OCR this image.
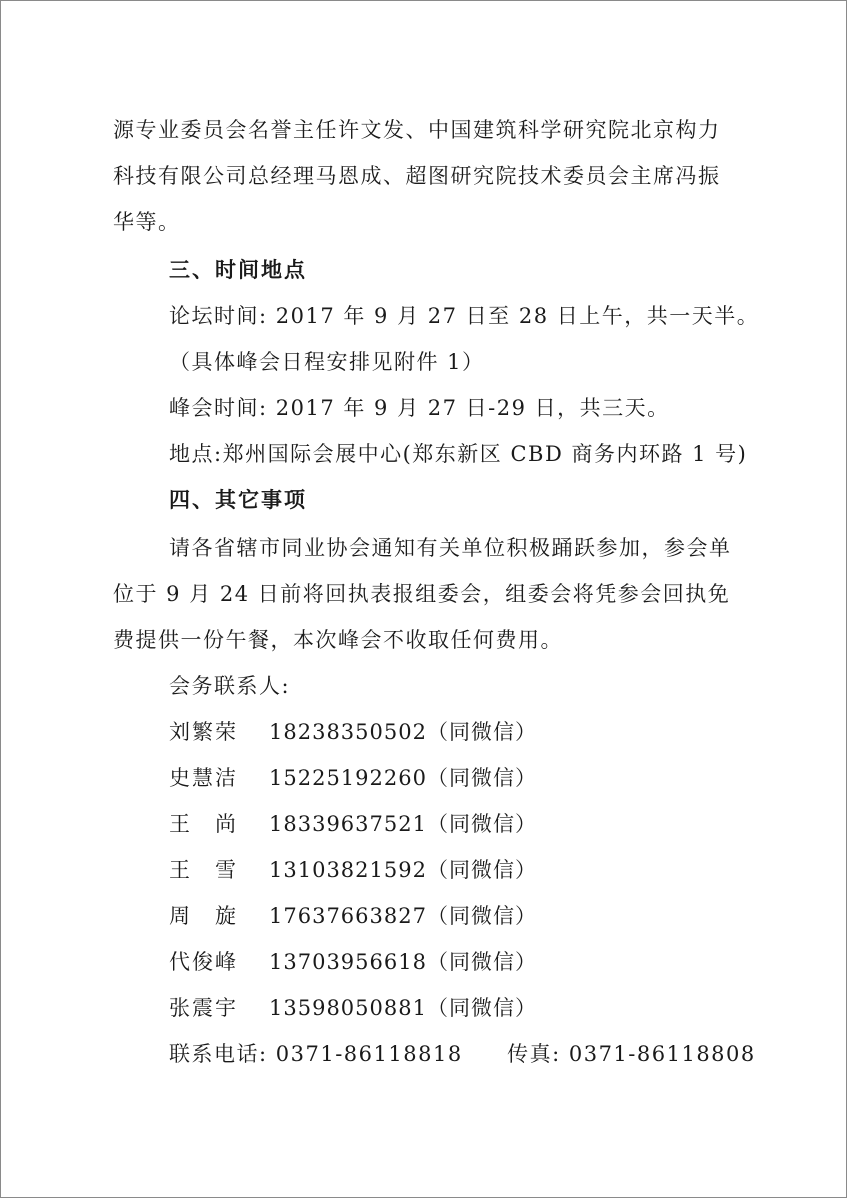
源专业委员会名誉主任许文发、中国建筑科学研究院北京构力
科技有限公司总经理马恩成、超图研究院技术委员会主席冯振
华等。
三、时间地点
论坛时间: 2017 年 9 月 27 日至 28 日上午，共一天半。
（具体峰会日程安排见附件 1）
峰会时间: 2017 年 9 月 27 日-29 日，共三天。
地点:郑州国际会展中心(郑东新区 CBD 商务内环路 1 号)
四、其它事项
请各省辖市同业协会通知有关单位积极踊跃参加，参会单
位于 9 月 24 日前将回执表报组委会，组委会将凭参会回执免
费提供一份午餐，本次峰会不收取任何费用。
会务联系人:
刘繁荣 18238350502（同微信）
史慧洁 15225192260（同微信）
王　尚 18339637521（同微信）
王　雪 13103821592（同微信）
周　旋 17637663827（同微信）
代俊峰 13703956618（同微信）
张震宇 13598050881（同微信）
联系电话: 0371-86118818 传真: 0371-86118808
